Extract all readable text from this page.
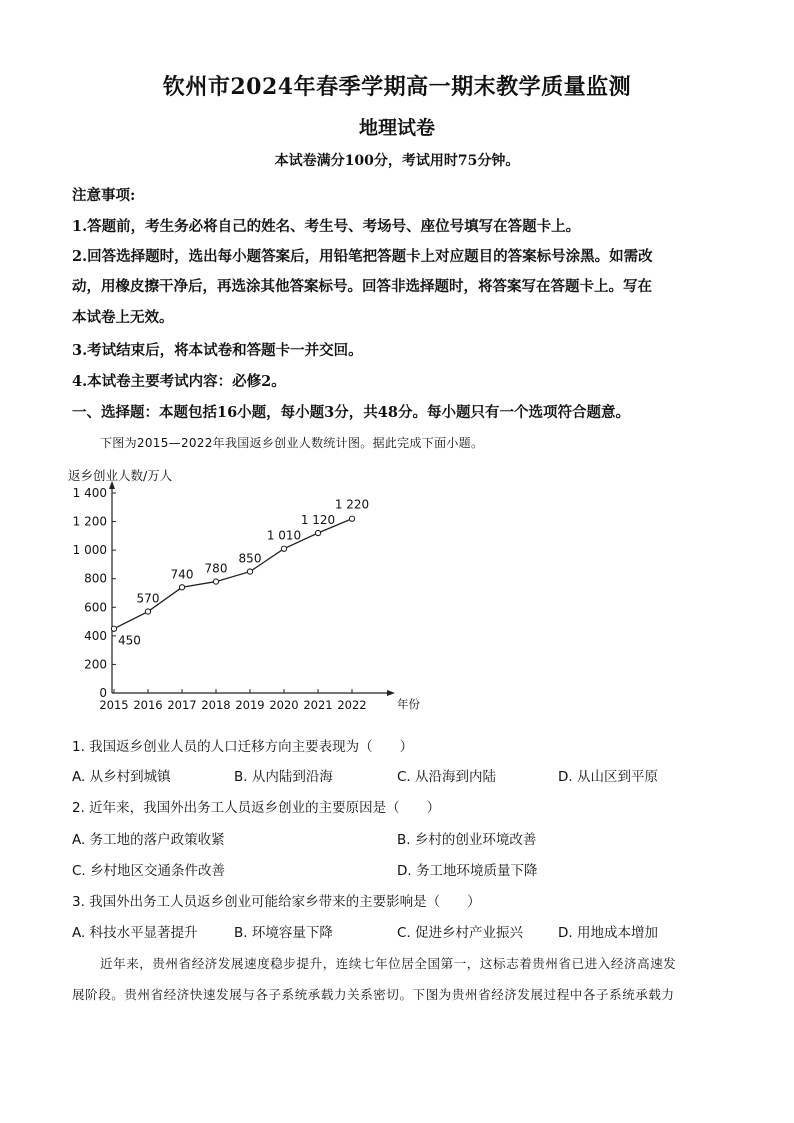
钦州市2024年春季学期高一期末教学质量监测
地理试卷
本试卷满分100分，考试用时75分钟。
注意事项:
1.答题前，考生务必将自己的姓名、考生号、考场号、座位号填写在答题卡上。
2.回答选择题时，选出每小题答案后，用铅笔把答题卡上对应题目的答案标号涂黑。如需改
动，用橡皮擦干净后，再选涂其他答案标号。回答非选择题时，将答案写在答题卡上。写在
本试卷上无效。
3.考试结束后，将本试卷和答题卡一并交回。
4.本试卷主要考试内容：必修2。
一、选择题：本题包括16小题，每小题3分，共48分。每小题只有一个选项符合题意。
下图为2015—2022年我国返乡创业人数统计图。据此完成下面小题。
返乡创业人数/万人
年份
0
200
400
600
800
1 000
1 200
1 400
2015 2016 2017 2018 2019 2020 2021 2022
450
570
740 780
850
1 010
1 120
1 220
1. 我国返乡创业人员的人口迁移方向主要表现为（　　）
A. 从乡村到城镇	B. 从内陆到沿海	C. 从沿海到内陆	D. 从山区到平原
2. 近年来，我国外出务工人员返乡创业的主要原因是（　　）
A. 务工地的落户政策收紧	B. 乡村的创业环境改善
C. 乡村地区交通条件改善	D. 务工地环境质量下降
3. 我国外出务工人员返乡创业可能给家乡带来的主要影响是（　　）
A. 科技水平显著提升	B. 环境容量下降	C. 促进乡村产业振兴	D. 用地成本增加
近年来，贵州省经济发展速度稳步提升，连续七年位居全国第一，这标志着贵州省已进入经济高速发
展阶段。贵州省经济快速发展与各子系统承载力关系密切。下图为贵州省经济发展过程中各子系统承载力
